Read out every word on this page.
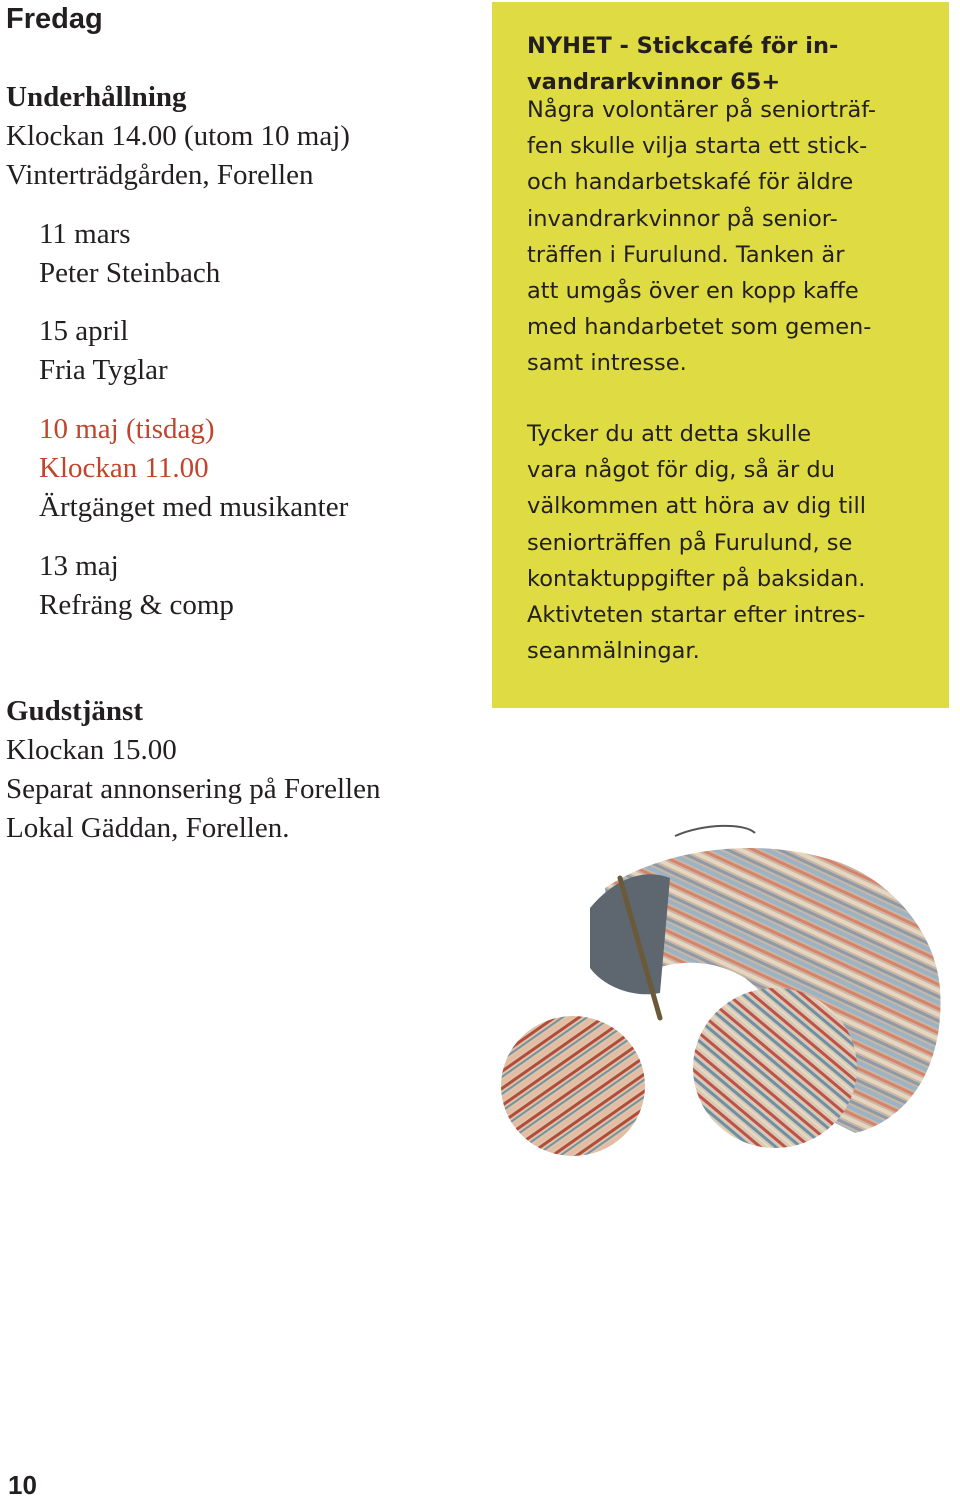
Fredag
Underhållning
Klockan 14.00 (utom 10 maj)
Vinterträdgården, Forellen
11 mars
Peter Steinbach
15 april
Fria Tyglar
10 maj (tisdag)
Klockan 11.00
Ärtgänget med musikanter
13 maj
Refräng & comp
Gudstjänst
Klockan 15.00
Separat annonsering på Forellen
Lokal Gäddan, Forellen.
NYHET - Stickcafé för in-
vandrarkvinnor 65+
Några volontärer på seniorträf-
fen skulle vilja starta ett stick-
och handarbetskafé för äldre
invandrarkvinnor på senior-
träffen i Furulund. Tanken är
att umgås över en kopp kaffe
med handarbetet som gemen-
samt intresse.
Tycker du att detta skulle
vara något för dig, så är du
välkommen att höra av dig till
seniorträffen på Furulund, se
kontaktuppgifter på baksidan.
Aktivteten startar efter intres-
seanmälningar.
10
